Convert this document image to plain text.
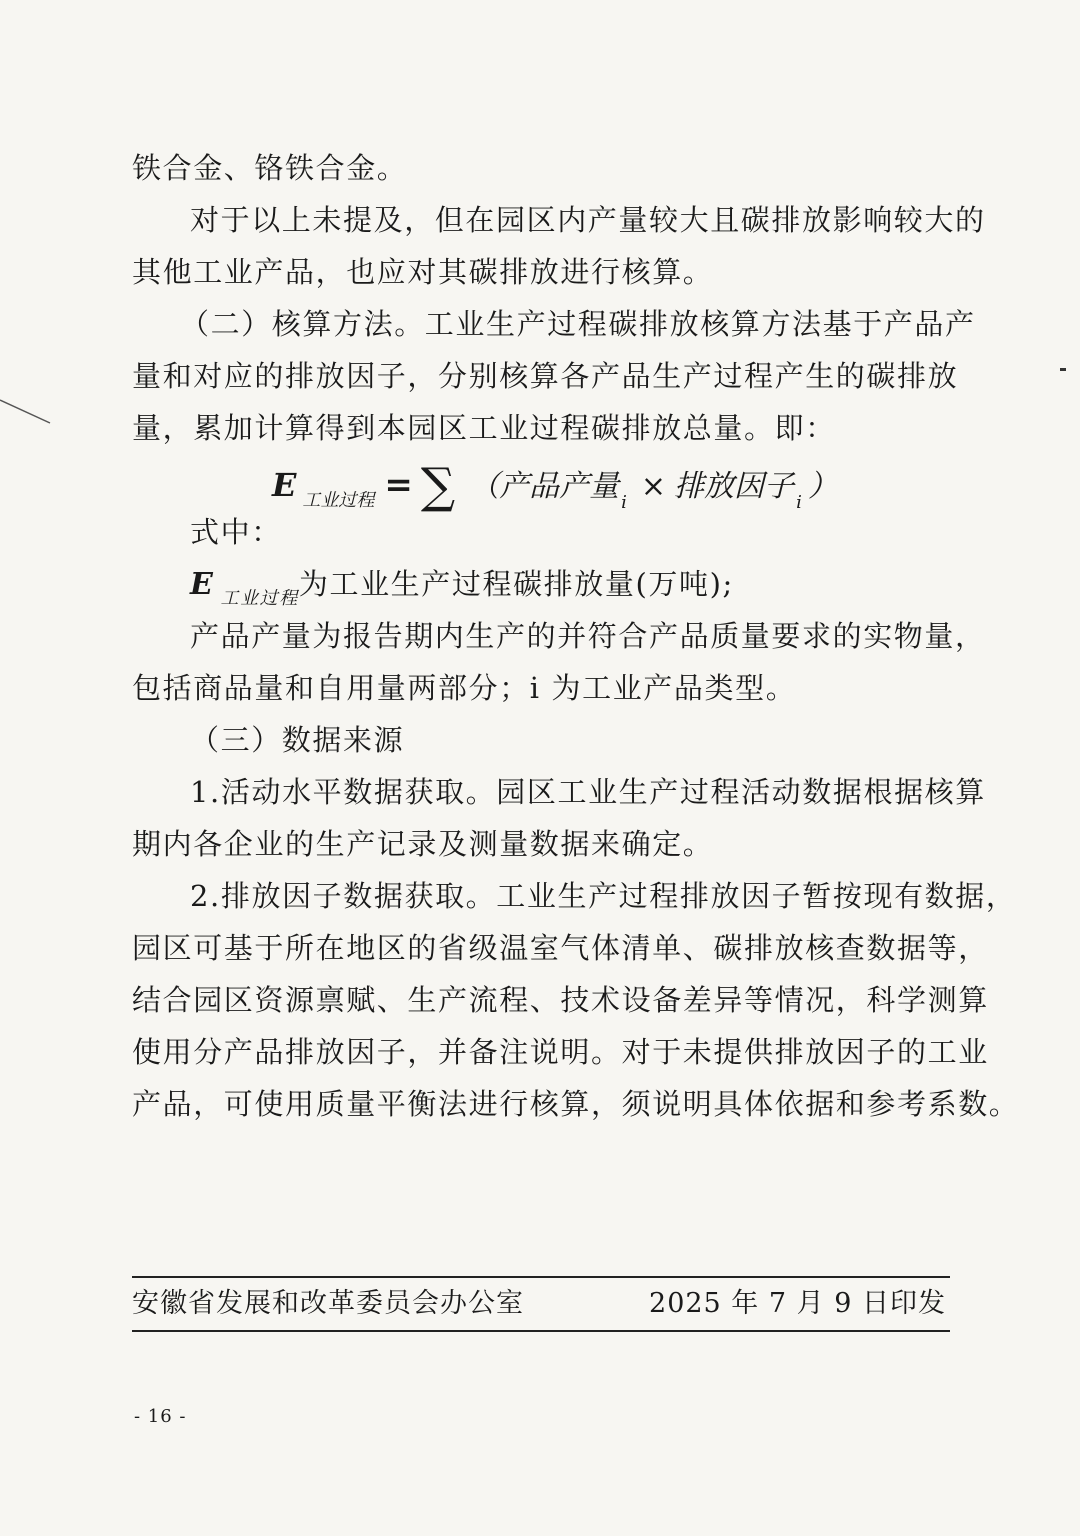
铁合金、铬铁合金。
对于以上未提及，但在园区内产量较大且碳排放影响较大的
其他工业产品，也应对其碳排放进行核算。
（二）核算方法。工业生产过程碳排放核算方法基于产品产
量和对应的排放因子，分别核算各产品生产过程产生的碳排放
量，累加计算得到本园区工业过程碳排放总量。即：
E 工业过程 = ∑ （ 产品产量 i × 排放因子 i ）
式中：
E $_{工业过程}$为工业生产过程碳排放量(万吨);
产品产量为报告期内生产的并符合产品质量要求的实物量，
包括商品量和自用量两部分；i 为工业产品类型。
（三）数据来源
1.活动水平数据获取。园区工业生产过程活动数据根据核算
期内各企业的生产记录及测量数据来确定。
2.排放因子数据获取。工业生产过程排放因子暂按现有数据，
园区可基于所在地区的省级温室气体清单、碳排放核查数据等，
结合园区资源禀赋、生产流程、技术设备差异等情况，科学测算
使用分产品排放因子，并备注说明。对于未提供排放因子的工业
产品，可使用质量平衡法进行核算，须说明具体依据和参考系数。
安徽省发展和改革委员会办公室	2025 年 7 月 9 日印发
- 16 -
